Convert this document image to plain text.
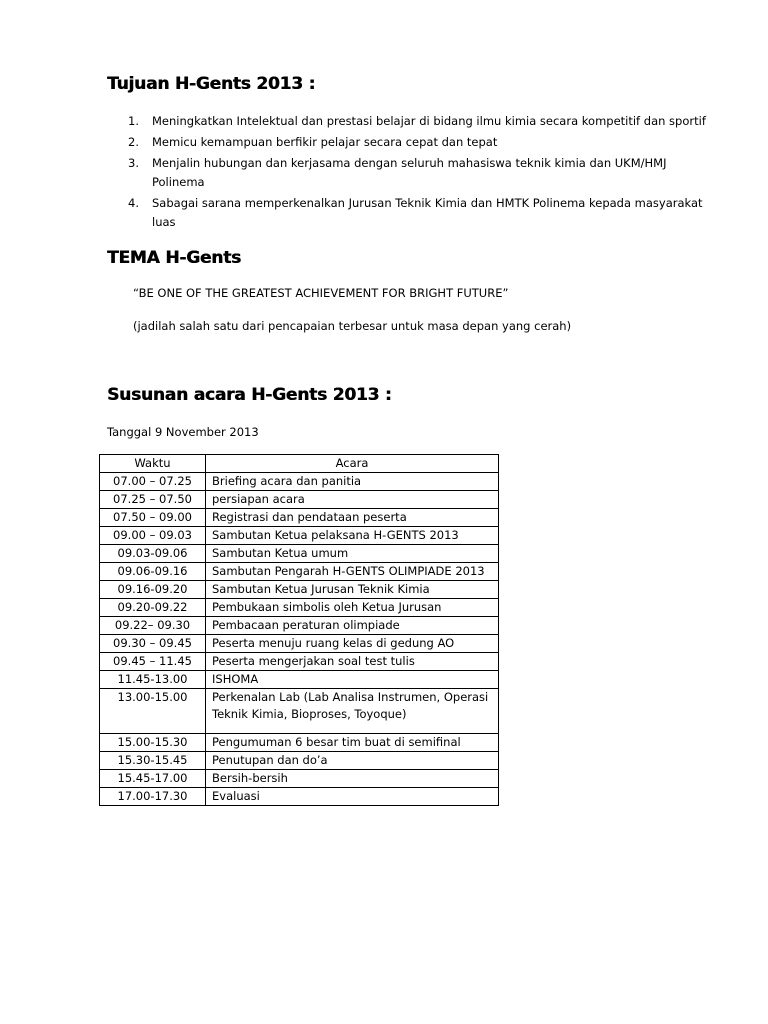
Tujuan H-Gents 2013 :
1. Meningkatkan Intelektual dan prestasi belajar di bidang ilmu kimia secara kompetitif dan sportif
2. Memicu kemampuan berfikir pelajar secara cepat dan tepat
3. Menjalin hubungan dan kerjasama dengan seluruh mahasiswa teknik kimia dan UKM/HMJ Polinema
4. Sabagai sarana memperkenalkan Jurusan Teknik Kimia dan HMTK Polinema kepada masyarakat luas
TEMA H-Gents

“BE ONE OF THE GREATEST ACHIEVEMENT FOR BRIGHT FUTURE”

(jadilah salah satu dari pencapaian terbesar untuk masa depan yang cerah)

Susunan acara H-Gents 2013 :

Tanggal 9 November 2013

Waktu	Acara
07.00 – 07.25	Briefing acara dan panitia
07.25 – 07.50	persiapan acara
07.50 – 09.00	Registrasi dan pendataan peserta
09.00 – 09.03	Sambutan Ketua pelaksana H-GENTS 2013
09.03-09.06	Sambutan Ketua umum
09.06-09.16	Sambutan Pengarah H-GENTS OLIMPIADE 2013
09.16-09.20	Sambutan Ketua Jurusan Teknik Kimia
09.20-09.22	Pembukaan simbolis oleh Ketua Jurusan
09.22– 09.30	Pembacaan peraturan olimpiade
09.30 – 09.45	Peserta menuju ruang kelas di gedung AO
09.45 – 11.45	Peserta mengerjakan soal test tulis
11.45-13.00	ISHOMA
13.00-15.00	Perkenalan Lab (Lab Analisa Instrumen, Operasi
Teknik Kimia, Bioproses, Toyoque)
15.00-15.30	Pengumuman 6 besar tim buat di semifinal
15.30-15.45	Penutupan dan do’a
15.45-17.00	Bersih-bersih
17.00-17.30	Evaluasi
